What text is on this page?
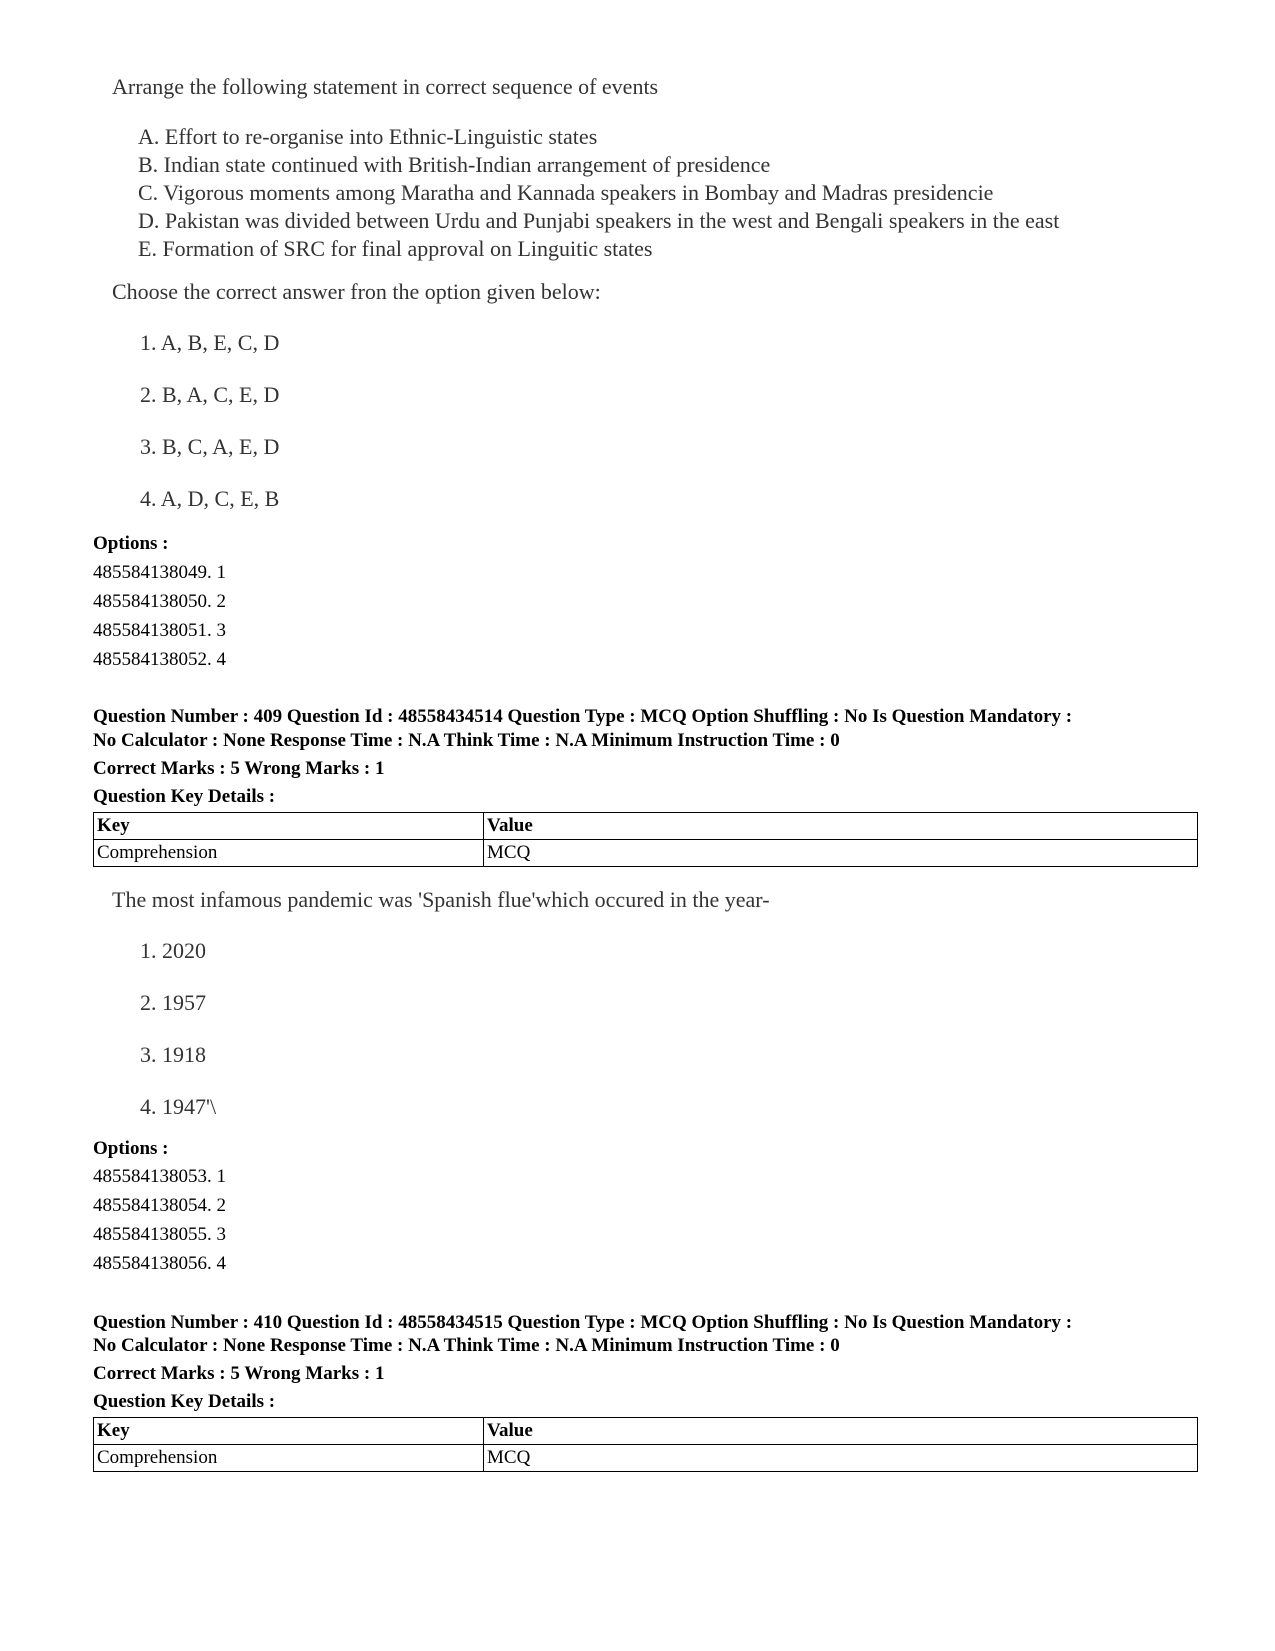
Arrange the following statement in correct sequence of events
A. Effort to re-organise into Ethnic-Linguistic states
B. Indian state continued with British-Indian arrangement of presidence
C. Vigorous moments among Maratha and Kannada speakers in Bombay and Madras presidencie
D. Pakistan was divided between Urdu and Punjabi speakers in the west and Bengali speakers in the east
E. Formation of SRC for final approval on Linguitic states
Choose the correct answer fron the option given below:
1. A, B, E, C, D
2. B, A, C, E, D
3. B, C, A, E, D
4. A, D, C, E, B
Options :
485584138049. 1
485584138050. 2
485584138051. 3
485584138052. 4
Question Number : 409 Question Id : 48558434514 Question Type : MCQ Option Shuffling : No Is Question Mandatory :
No Calculator : None Response Time : N.A Think Time : N.A Minimum Instruction Time : 0
Correct Marks : 5 Wrong Marks : 1
Question Key Details :
Key	Value
Comprehension	MCQ
The most infamous pandemic was 'Spanish flue'which occured in the year-
1. 2020
2. 1957
3. 1918
4. 1947'\
Options :
485584138053. 1
485584138054. 2
485584138055. 3
485584138056. 4
Question Number : 410 Question Id : 48558434515 Question Type : MCQ Option Shuffling : No Is Question Mandatory :
No Calculator : None Response Time : N.A Think Time : N.A Minimum Instruction Time : 0
Correct Marks : 5 Wrong Marks : 1
Question Key Details :
Key	Value
Comprehension	MCQ
